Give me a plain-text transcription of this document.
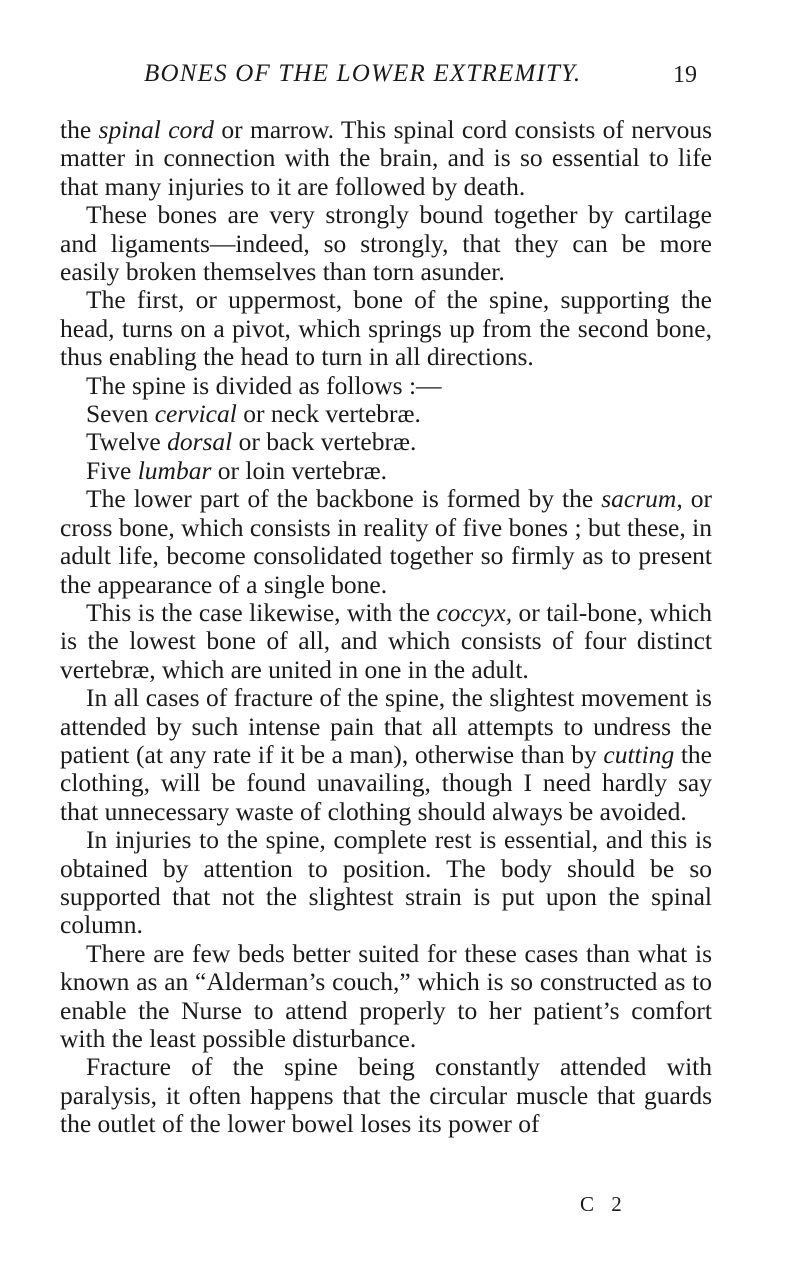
BONES OF THE LOWER EXTREMITY.	19

the spinal cord or marrow. This spinal cord consists of nervous matter in connection with the brain, and is so essential to life that many injuries to it are followed by death.

These bones are very strongly bound together by cartilage and ligaments—indeed, so strongly, that they can be more easily broken themselves than torn asunder.

The first, or uppermost, bone of the spine, supporting the head, turns on a pivot, which springs up from the second bone, thus enabling the head to turn in all directions.

The spine is divided as follows :—

Seven cervical or neck vertebræ.

Twelve dorsal or back vertebræ.

Five lumbar or loin vertebræ.

The lower part of the backbone is formed by the sacrum, or cross bone, which consists in reality of five bones ; but these, in adult life, become consolidated together so firmly as to present the appearance of a single bone.

This is the case likewise, with the coccyx, or tail-bone, which is the lowest bone of all, and which consists of four distinct vertebræ, which are united in one in the adult.

In all cases of fracture of the spine, the slightest movement is attended by such intense pain that all attempts to undress the patient (at any rate if it be a man), otherwise than by cutting the clothing, will be found unavailing, though I need hardly say that unnecessary waste of clothing should always be avoided.

In injuries to the spine, complete rest is essential, and this is obtained by attention to position. The body should be so supported that not the slightest strain is put upon the spinal column.

There are few beds better suited for these cases than what is known as an “Alderman’s couch,” which is so constructed as to enable the Nurse to attend properly to her patient’s comfort with the least possible disturbance.

Fracture of the spine being constantly attended with paralysis, it often happens that the circular muscle that guards the outlet of the lower bowel loses its power of

C 2
